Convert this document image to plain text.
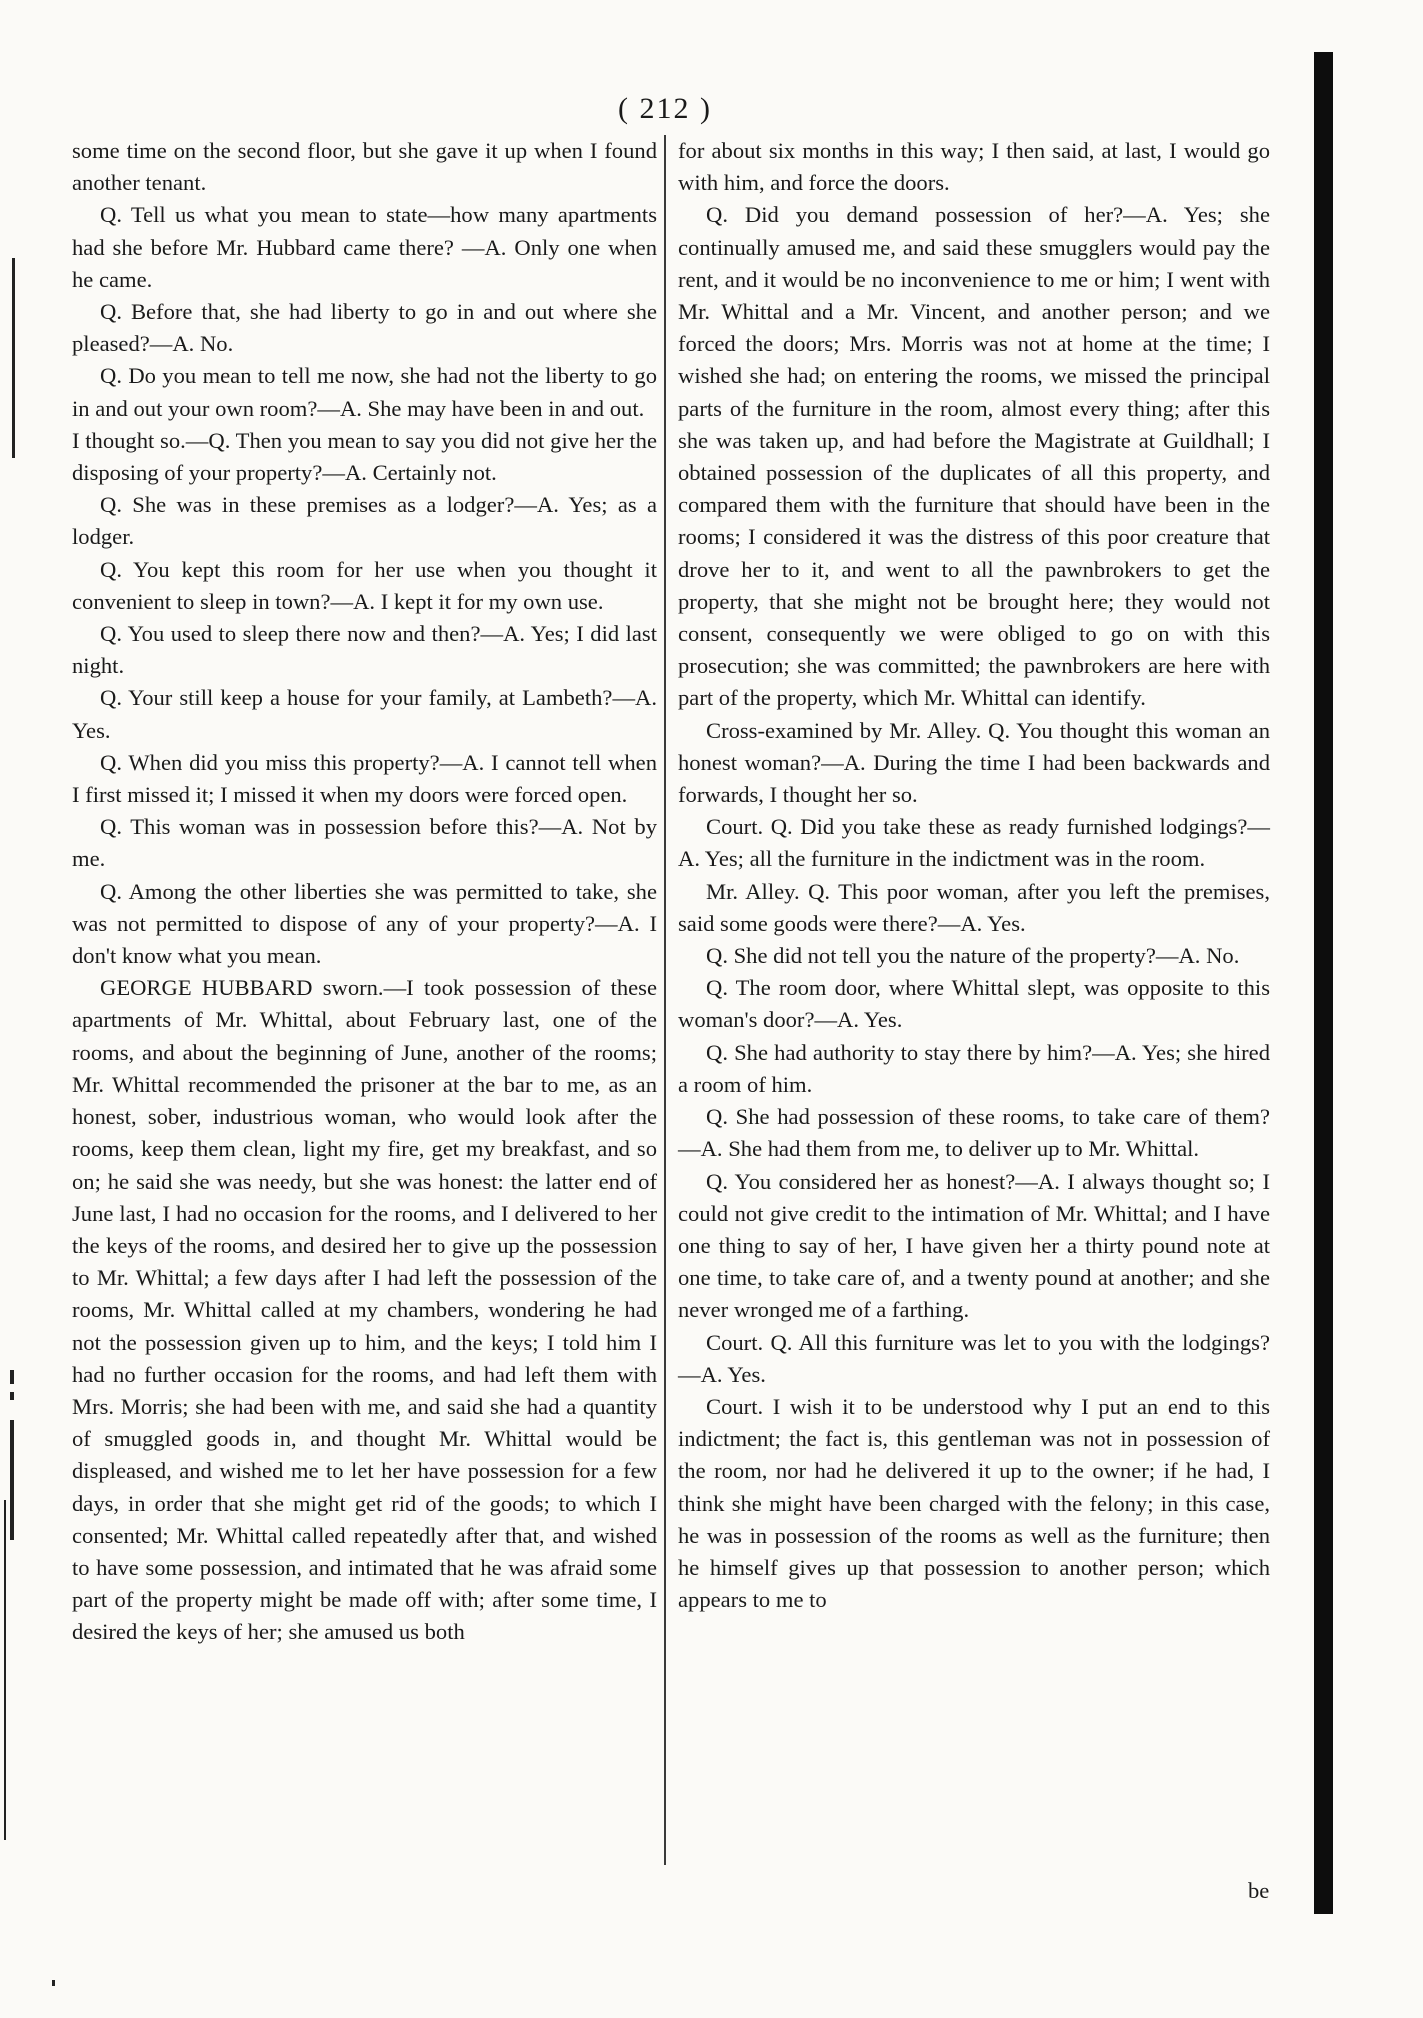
( 212 )

some time on the second floor, but she gave it up when I found another tenant.

Q. Tell us what you mean to state—how many apartments had she before Mr. Hubbard came there? —A. Only one when he came.

Q. Before that, she had liberty to go in and out where she pleased?—A. No.

Q. Do you mean to tell me now, she had not the liberty to go in and out your own room?—A. She may have been in and out.

I thought so.—Q. Then you mean to say you did not give her the disposing of your property?—A. Certainly not.

Q. She was in these premises as a lodger?—A. Yes; as a lodger.

Q. You kept this room for her use when you thought it convenient to sleep in town?—A. I kept it for my own use.

Q. You used to sleep there now and then?—A. Yes; I did last night.

Q. Your still keep a house for your family, at Lambeth?—A. Yes.

Q. When did you miss this property?—A. I cannot tell when I first missed it; I missed it when my doors were forced open.

Q. This woman was in possession before this?—A. Not by me.

Q. Among the other liberties she was permitted to take, she was not permitted to dispose of any of your property?—A. I don't know what you mean.

GEORGE HUBBARD sworn.—I took possession of these apartments of Mr. Whittal, about February last, one of the rooms, and about the beginning of June, another of the rooms; Mr. Whittal recommended the prisoner at the bar to me, as an honest, sober, industrious woman, who would look after the rooms, keep them clean, light my fire, get my breakfast, and so on; he said she was needy, but she was honest: the latter end of June last, I had no occasion for the rooms, and I delivered to her the keys of the rooms, and desired her to give up the possession to Mr. Whittal; a few days after I had left the possession of the rooms, Mr. Whittal called at my chambers, wondering he had not the possession given up to him, and the keys; I told him I had no further occasion for the rooms, and had left them with Mrs. Morris; she had been with me, and said she had a quantity of smuggled goods in, and thought Mr. Whittal would be displeased, and wished me to let her have possession for a few days, in order that she might get rid of the goods; to which I consented; Mr. Whittal called repeatedly after that, and wished to have some possession, and intimated that he was afraid some part of the property might be made off with; after some time, I desired the keys of her; she amused us both

for about six months in this way; I then said, at last, I would go with him, and force the doors.

Q. Did you demand possession of her?—A. Yes; she continually amused me, and said these smugglers would pay the rent, and it would be no inconvenience to me or him; I went with Mr. Whittal and a Mr. Vincent, and another person; and we forced the doors; Mrs. Morris was not at home at the time; I wished she had; on entering the rooms, we missed the principal parts of the furniture in the room, almost every thing; after this she was taken up, and had before the Magistrate at Guildhall; I obtained possession of the duplicates of all this property, and compared them with the furniture that should have been in the rooms; I considered it was the distress of this poor creature that drove her to it, and went to all the pawnbrokers to get the property, that she might not be brought here; they would not consent, consequently we were obliged to go on with this prosecution; she was committed; the pawnbrokers are here with part of the property, which Mr. Whittal can identify.

Cross-examined by Mr. Alley. Q. You thought this woman an honest woman?—A. During the time I had been backwards and forwards, I thought her so.

Court. Q. Did you take these as ready furnished lodgings?—A. Yes; all the furniture in the indictment was in the room.

Mr. Alley. Q. This poor woman, after you left the premises, said some goods were there?—A. Yes.

Q. She did not tell you the nature of the property?—A. No.

Q. The room door, where Whittal slept, was opposite to this woman's door?—A. Yes.

Q. She had authority to stay there by him?—A. Yes; she hired a room of him.

Q. She had possession of these rooms, to take care of them?—A. She had them from me, to deliver up to Mr. Whittal.

Q. You considered her as honest?—A. I always thought so; I could not give credit to the intimation of Mr. Whittal; and I have one thing to say of her, I have given her a thirty pound note at one time, to take care of, and a twenty pound at another; and she never wronged me of a farthing.

Court. Q. All this furniture was let to you with the lodgings?—A. Yes.

Court. I wish it to be understood why I put an end to this indictment; the fact is, this gentleman was not in possession of the room, nor had he delivered it up to the owner; if he had, I think she might have been charged with the felony; in this case, he was in possession of the rooms as well as the furniture; then he himself gives up that possession to another person; which appears to me to

be
